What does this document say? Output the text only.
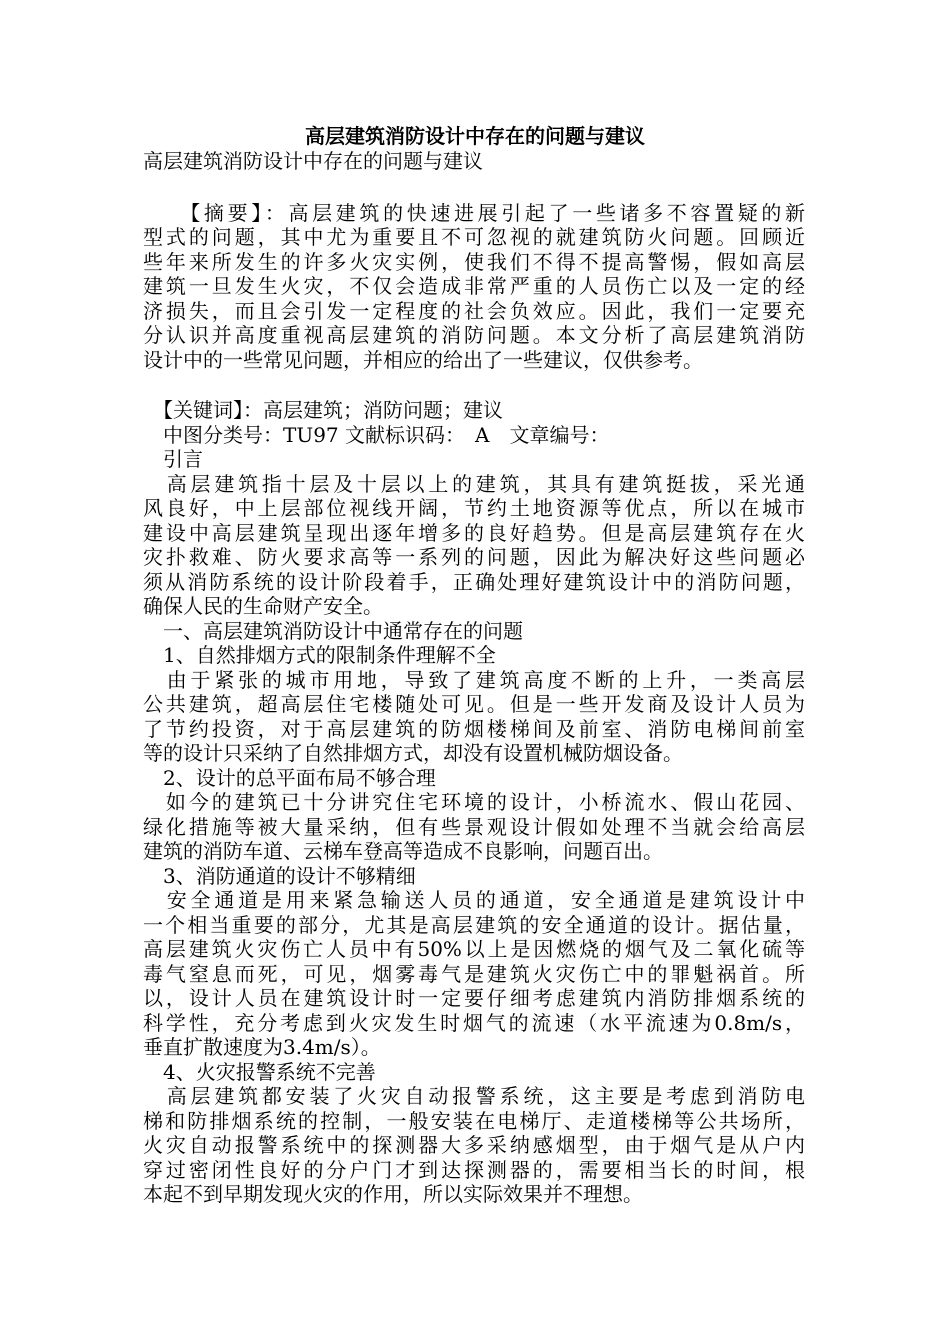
高层建筑消防设计中存在的问题与建议
高层建筑消防设计中存在的问题与建议
　　【摘要】：高层建筑的快速进展引起了一些诸多不容置疑的新
型式的问题，其中尤为重要且不可忽视的就建筑防火问题。回顾近
些年来所发生的许多火灾实例，使我们不得不提高警惕，假如高层
建筑一旦发生火灾，不仅会造成非常严重的人员伤亡以及一定的经
济损失，而且会引发一定程度的社会负效应。因此，我们一定要充
分认识并高度重视高层建筑的消防问题。本文分析了高层建筑消防
设计中的一些常见问题，并相应的给出了一些建议，仅供参考。
　【关键词】：高层建筑；消防问题；建议
　中图分类号：TU97 文献标识码：　A　文章编号：
　引言
　高层建筑指十层及十层以上的建筑，其具有建筑挺拔，采光通
风良好，中上层部位视线开阔，节约土地资源等优点，所以在城市
建设中高层建筑呈现出逐年增多的良好趋势。但是高层建筑存在火
灾扑救难、防火要求高等一系列的问题，因此为解决好这些问题必
须从消防系统的设计阶段着手，正确处理好建筑设计中的消防问题，
确保人民的生命财产安全。
　一、高层建筑消防设计中通常存在的问题
　1、自然排烟方式的限制条件理解不全
　由于紧张的城市用地，导致了建筑高度不断的上升，一类高层
公共建筑，超高层住宅楼随处可见。但是一些开发商及设计人员为
了节约投资，对于高层建筑的防烟楼梯间及前室、消防电梯间前室
等的设计只采纳了自然排烟方式，却没有设置机械防烟设备。
　2、设计的总平面布局不够合理
　如今的建筑已十分讲究住宅环境的设计，小桥流水、假山花园、
绿化措施等被大量采纳，但有些景观设计假如处理不当就会给高层
建筑的消防车道、云梯车登高等造成不良影响，问题百出。
　3、消防通道的设计不够精细
　安全通道是用来紧急输送人员的通道，安全通道是建筑设计中
一个相当重要的部分，尤其是高层建筑的安全通道的设计。据估量，
高层建筑火灾伤亡人员中有50%以上是因燃烧的烟气及二氧化硫等
毒气窒息而死，可见，烟雾毒气是建筑火灾伤亡中的罪魁祸首。所
以，设计人员在建筑设计时一定要仔细考虑建筑内消防排烟系统的
科学性，充分考虑到火灾发生时烟气的流速（水平流速为0.8m/s，
垂直扩散速度为3.4m/s）。
　4、火灾报警系统不完善
　高层建筑都安装了火灾自动报警系统，这主要是考虑到消防电
梯和防排烟系统的控制，一般安装在电梯厅、走道楼梯等公共场所，
火灾自动报警系统中的探测器大多采纳感烟型，由于烟气是从户内
穿过密闭性良好的分户门才到达探测器的，需要相当长的时间，根
本起不到早期发现火灾的作用，所以实际效果并不理想。
